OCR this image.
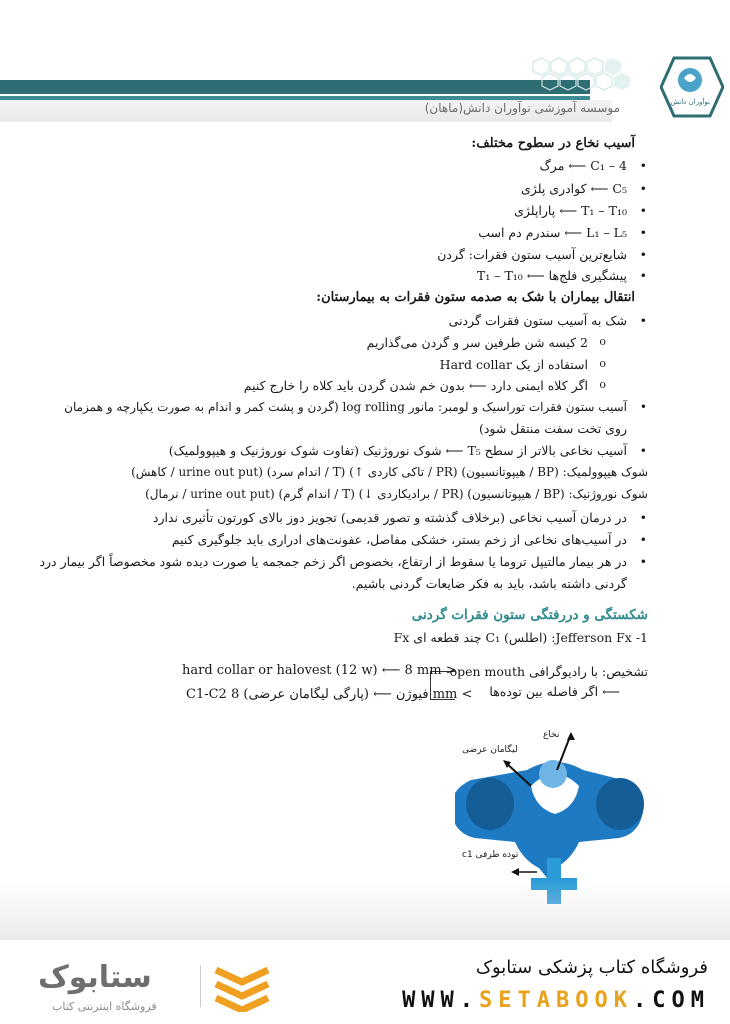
موسسه آموزشی نوآوران دانش(ماهان)	نوآوران دانش
آسیب نخاع در سطوح مختلف:
C₁ – 4 ⟵ مرگ •
C₅ ⟵ کوادری پلژی •
T₁ – T₁₀ ⟵ پاراپلژی •
L₁ – L₅ ⟵ سندرم دم اسب •
شایع‌ترین آسیب ستون فقرات: گردن •
پیشگیری فلج‌ها ⟵ T₁ – T₁₀ •
انتقال بیماران با شک به صدمه ستون فقرات به بیمارستان:
شک به آسیب ستون فقرات گردنی •
2 کیسه شن طرفین سر و گردن می‌گذاریم o
استفاده از یک Hard collar o
اگر کلاه ایمنی دارد ⟵ بدون خم شدن گردن باید کلاه را خارج کنیم o
آسیب ستون فقرات توراسیک و لومبر: مانور log rolling (گردن و پشت کمر و اندام به صورت یکپارچه و همزمان •
روی تخت سفت منتقل شود)
آسیب نخاعی بالاتر از سطح T₅ ⟵ شوک نوروژنیک (تفاوت شوک نوروژنیک و هیپوولمیک) •
شوک هیپوولمیک: (BP / هیپوتانسیون) (PR / تاکی کاردی ↑) (T / اندام سرد) (urine out put / کاهش)
شوک نوروژنیک: (BP / هیپوتانسیون) (PR / برادیکاردی ↓) (T / اندام گرم) (urine out put / نرمال)
در درمان آسیب نخاعی (برخلاف گذشته و تصور قدیمی) تجویز دوز بالای کورتون تأثیری ندارد •
در آسیب‌های نخاعی از زخم بستر، خشکی مفاصل، عفونت‌های ادراری باید جلوگیری کنیم •
در هر بیمار مالتیپل تروما یا سقوط از ارتفاع، بخصوص اگر زخم جمجمه یا صورت دیده شود مخصوصاً اگر بیمار درد •
گردنی داشته باشد، باید به فکر ضایعات گردنی باشیم.
شکستگی و دررفتگی ستون فقرات گردنی
(اطلس) C₁ چند قطعه ای Fx :Jefferson Fx -1
تشخیص: با رادیوگرافی open mouth
⟵ اگر فاصله بین توده‌ها
hard collar or halovest (12 w) ⟵ 8 mm >
C1-C2 فیوژن ⟵ (پارگی لیگامان عرضی) 8 mm <
نخاع
لیگامان عرضی
توده طرفی c1
فروشگاه کتاب پزشکی ستابوک
WWW.SETABOOK.COM
ستابوک
فروشگاه اینترنتی کتاب
